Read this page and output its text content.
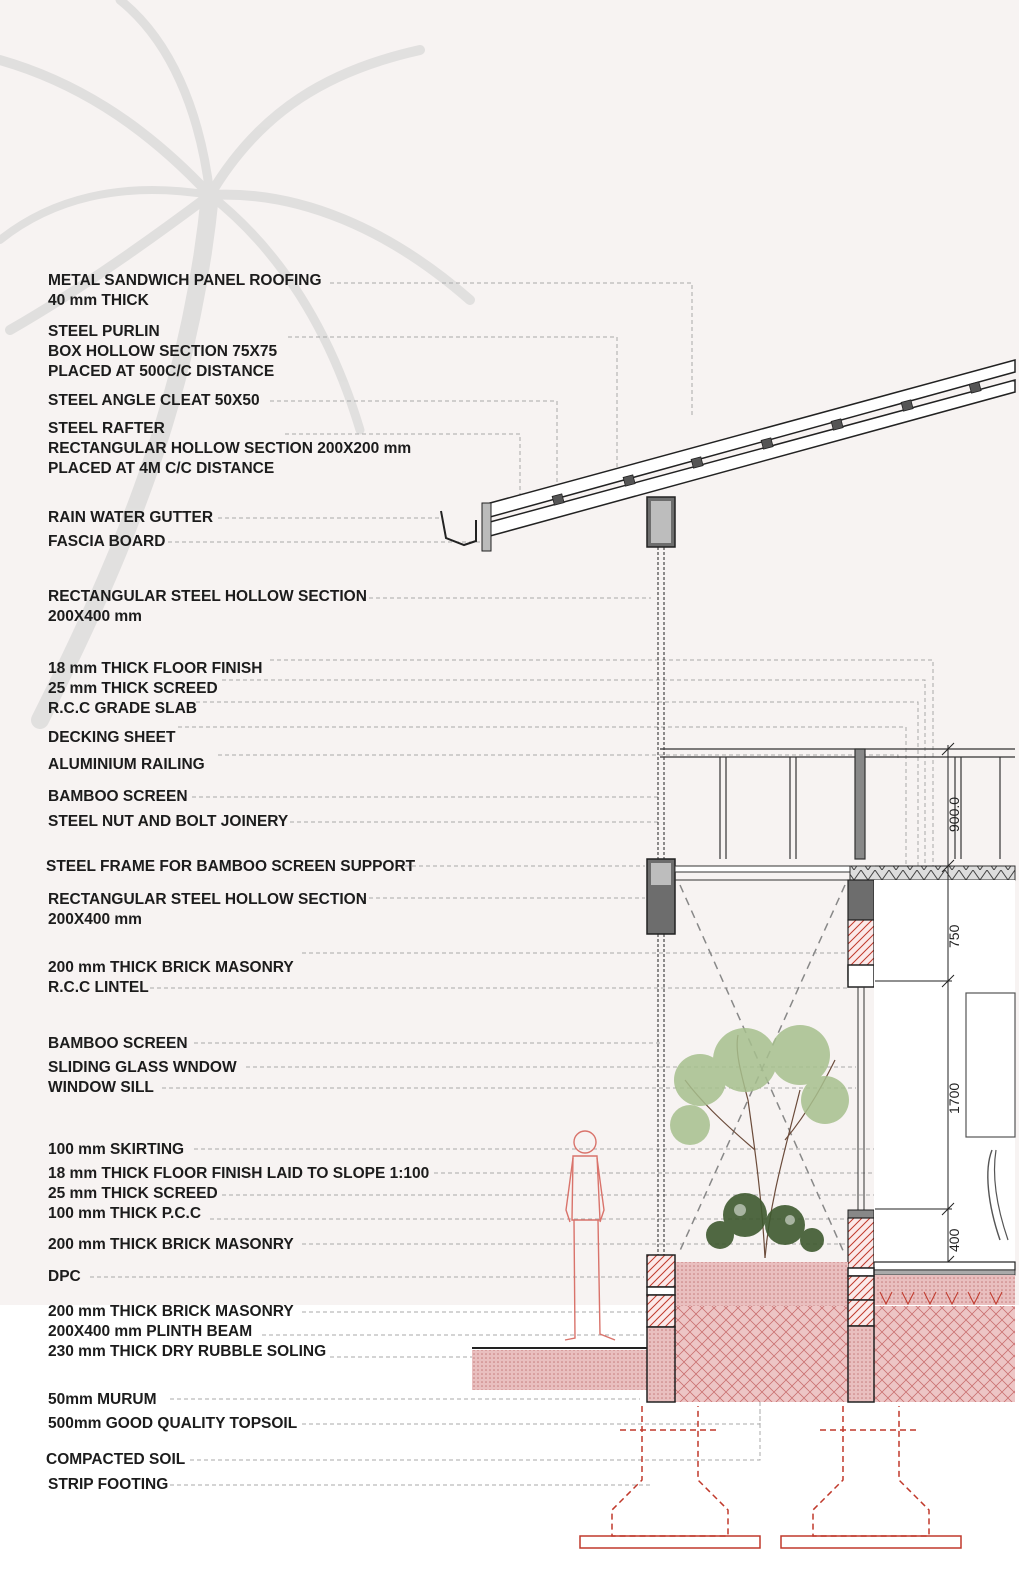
900.0
750
1700
400
METAL SANDWICH PANEL ROOFING
40 mm THICK
STEEL PURLIN
BOX HOLLOW SECTION 75X75
PLACED AT 500C/C DISTANCE
STEEL ANGLE CLEAT 50X50
STEEL RAFTER
RECTANGULAR HOLLOW SECTION 200X200 mm
PLACED AT 4M C/C DISTANCE
RAIN WATER GUTTER
FASCIA BOARD
RECTANGULAR STEEL HOLLOW SECTION
200X400 mm
18 mm THICK FLOOR FINISH
25 mm THICK SCREED
R.C.C GRADE SLAB
DECKING SHEET
ALUMINIUM RAILING
BAMBOO SCREEN
STEEL NUT AND BOLT JOINERY
STEEL FRAME FOR BAMBOO SCREEN SUPPORT
RECTANGULAR STEEL HOLLOW SECTION
200X400 mm
200 mm THICK BRICK MASONRY
R.C.C LINTEL
BAMBOO SCREEN
SLIDING GLASS WNDOW
WINDOW SILL
100 mm SKIRTING
18 mm THICK FLOOR FINISH LAID TO SLOPE 1:100
25 mm THICK SCREED
100 mm THICK P.C.C
200 mm THICK BRICK MASONRY
DPC
200 mm THICK BRICK MASONRY
200X400 mm PLINTH BEAM
230 mm THICK DRY RUBBLE SOLING
50mm MURUM
500mm GOOD QUALITY TOPSOIL
COMPACTED SOIL
STRIP FOOTING
